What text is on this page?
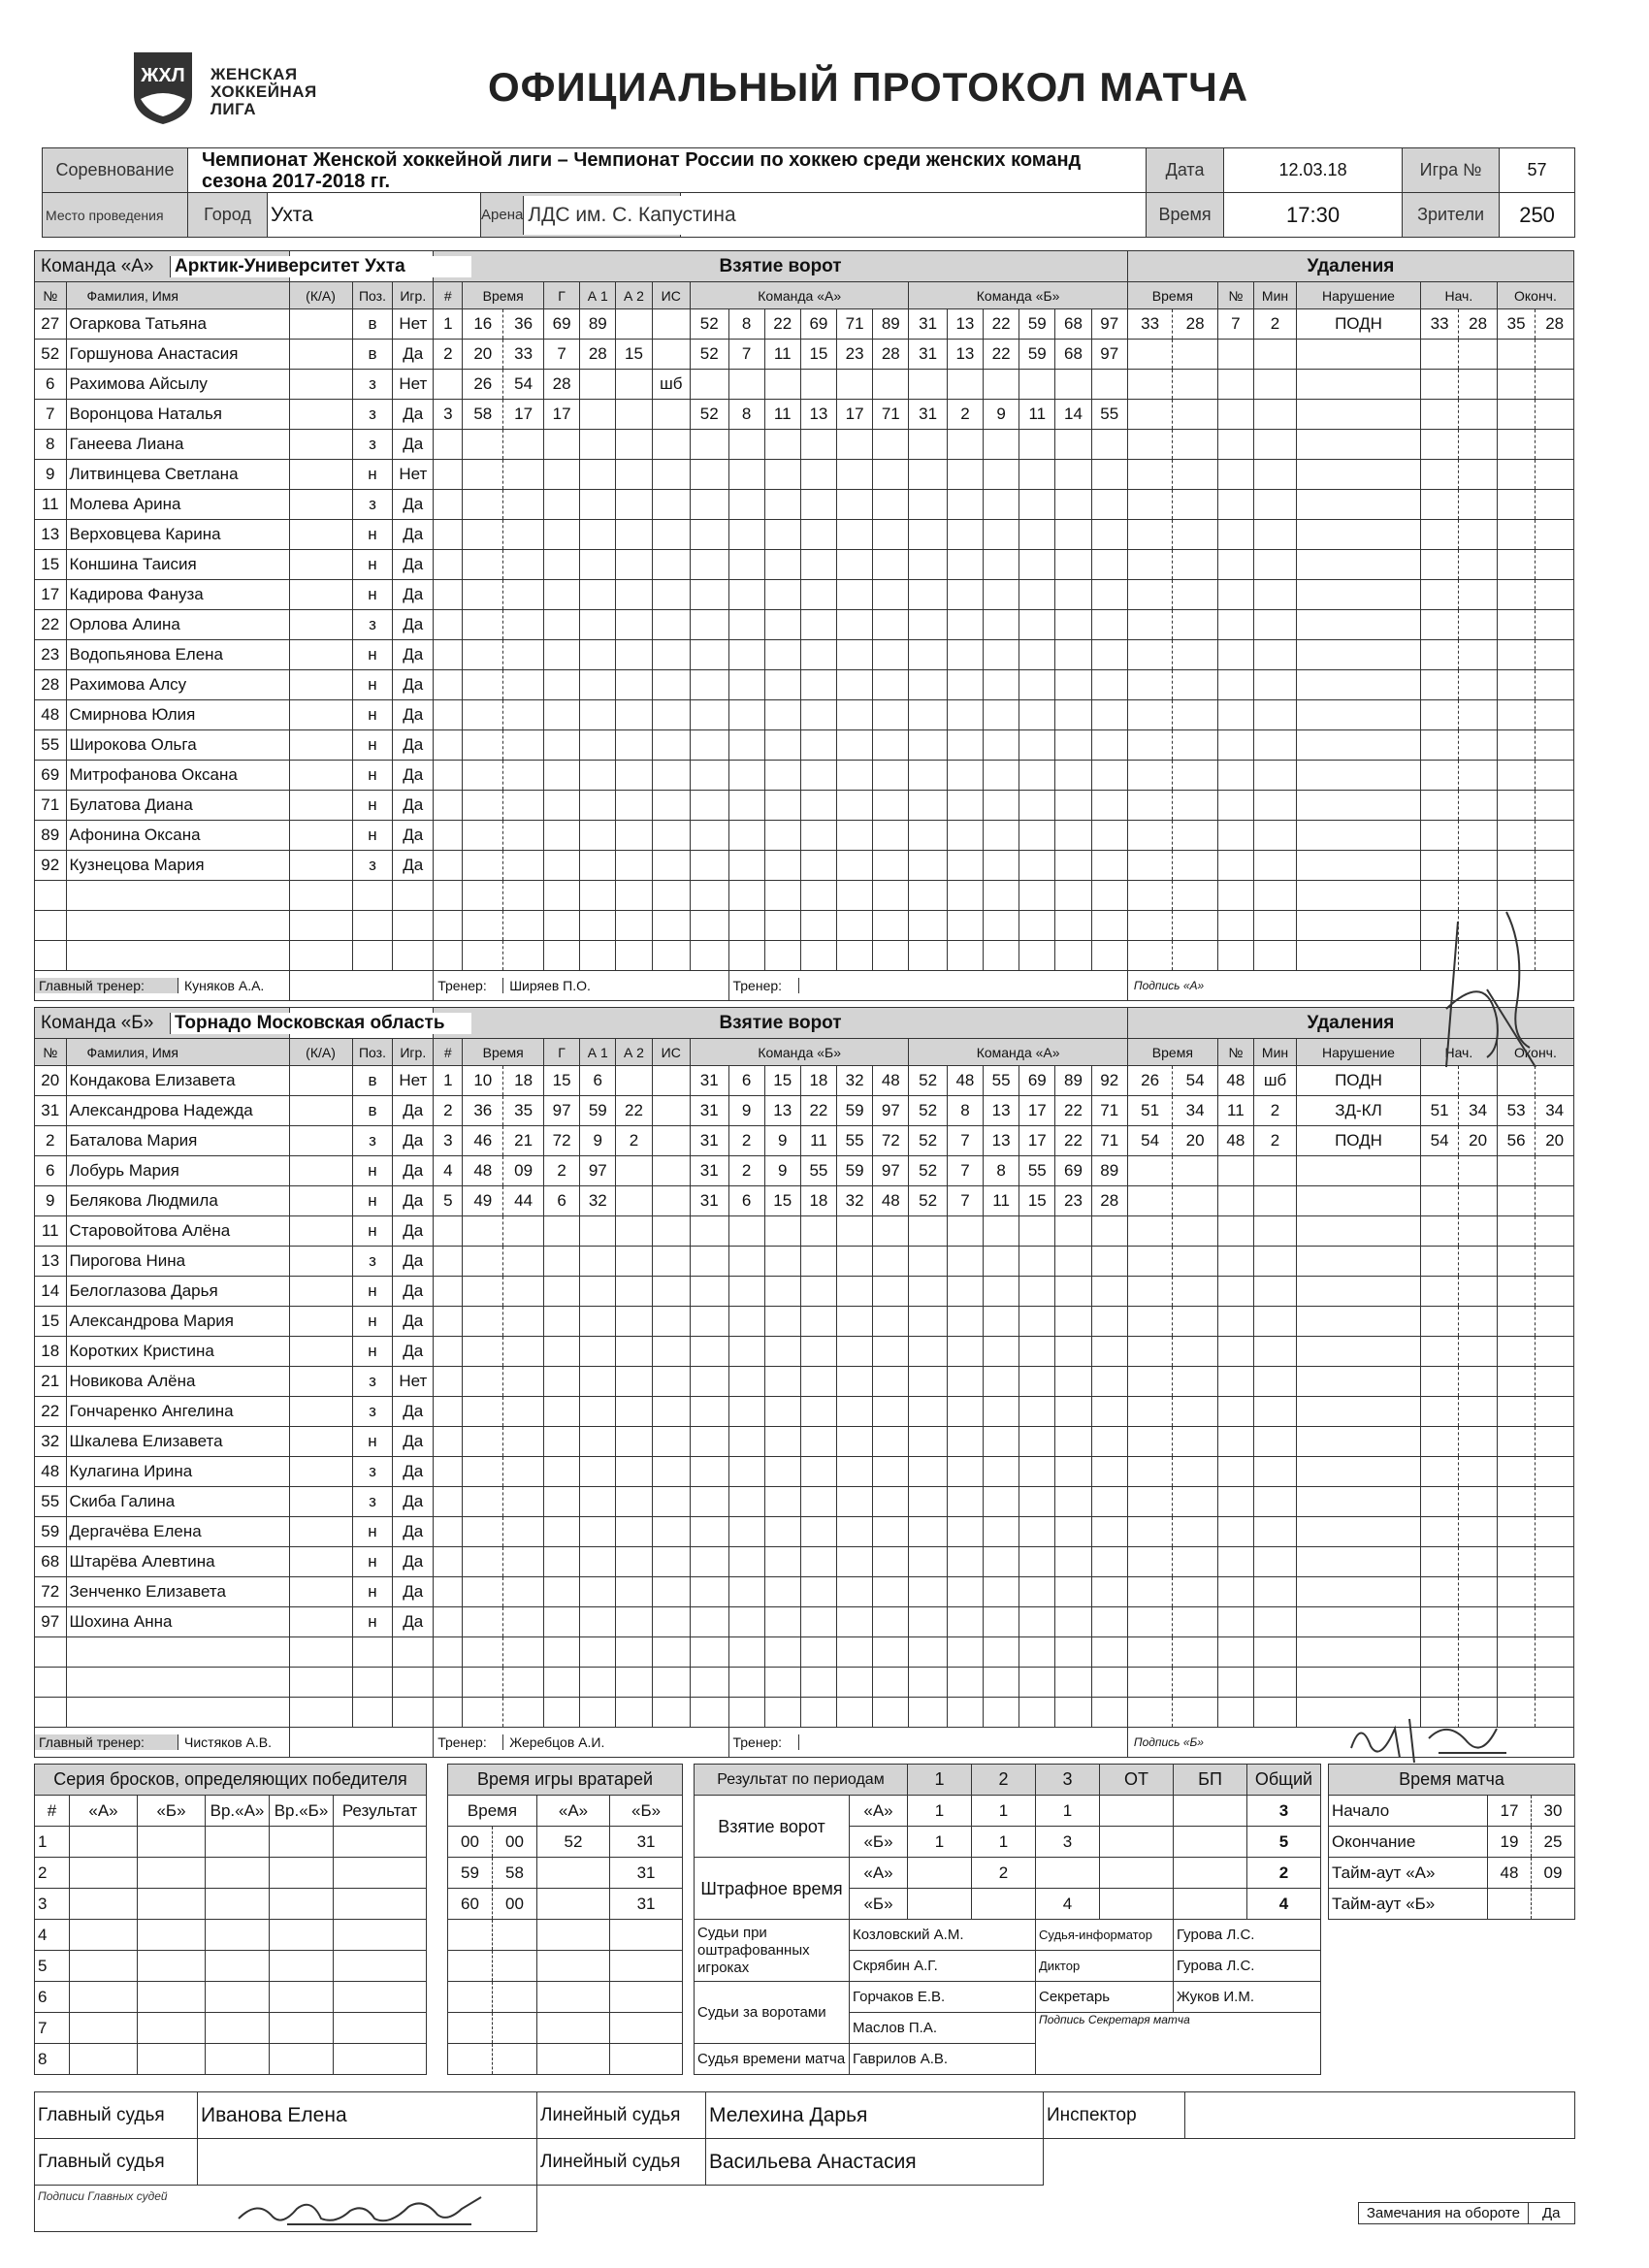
ЖХЛ ЖЕНСКАЯ
ХОККЕЙНАЯ
ЛИГА	ОФИЦИАЛЬНЫЙ ПРОТОКОЛ МАТЧА
Соревнование	Чемпионат Женской хоккейной лиги – Чемпионат России по хоккею среди женских команд сезона 2017-2018 гг.				Дата	12.03.18	Игра №	57
Место проведения	Город	Ухта	Арена ЛДС им. С. Капустина		Время	17:30	Зрители	250
Команда «А» Арктик-Университет Ухта					Взятие ворот																			Удаления								
№	Фамилия, Имя	(К/А)	Поз.	Игр.	#	Время		Г	А 1	А 2	ИС	Команда «А»						Команда «Б»						Время		№	Мин	Нарушение	Нач.		Оконч.	
27	Огаркова Татьяна		в	Нет	1	16	36	69	89			52	8	22	69	71	89	31	13	22	59	68	97	33	28	7	2	ПОДН	33	28	35	28
52	Горшунова Анастасия		в	Да	2	20	33	7	28	15		52	7	11	15	23	28	31	13	22	59	68	97									
6	Рахимова Айсылу		з	Нет		26	54	28			шб																					
7	Воронцова Наталья		з	Да	3	58	17	17				52	8	11	13	17	71	31	2	9	11	14	55									
8	Ганеева Лиана		з	Да																												
9	Литвинцева Светлана		н	Нет																												
11	Молева Арина		з	Да																												
13	Верховцева Карина		н	Да																												
15	Коншина Таисия		н	Да																												
17	Кадирова Фануза		н	Да																												
22	Орлова Алина		з	Да																												
23	Водопьянова Елена		н	Да																												
28	Рахимова Алсу		н	Да																												
48	Смирнова Юлия		н	Да																												
55	Широкова Ольга		н	Да																												
69	Митрофанова Оксана		н	Да																												
71	Булатова Диана		н	Да																												
89	Афонина Оксана		н	Да																												
92	Кузнецова Мария		з	Да																												

Главный тренер: Куняков А.А.					Тренер: Ширяев П.О.								Тренер:											Подпись «А»								
Команда «Б» Торнадо Московская область					Взятие ворот																			Удаления								
№	Фамилия, Имя	(К/А)	Поз.	Игр.	#	Время		Г	А 1	А 2	ИС	Команда «Б»						Команда «А»						Время		№	Мин	Нарушение	Нач.		Оконч.	
20	Кондакова Елизавета		в	Нет	1	10	18	15	6			31	6	15	18	32	48	52	48	55	69	89	92	26	54	48	шб	ПОДН				
31	Александрова Надежда		в	Да	2	36	35	97	59	22		31	9	13	22	59	97	52	8	13	17	22	71	51	34	11	2	ЗД-КЛ	51	34	53	34
2	Баталова Мария		з	Да	3	46	21	72	9	2		31	2	9	11	55	72	52	7	13	17	22	71	54	20	48	2	ПОДН	54	20	56	20
6	Лобурь Мария		н	Да	4	48	09	2	97			31	2	9	55	59	97	52	7	8	55	69	89									
9	Белякова Людмила		н	Да	5	49	44	6	32			31	6	15	18	32	48	52	7	11	15	23	28									
11	Старовойтова Алёна		н	Да																												
13	Пирогова Нина		з	Да																												
14	Белоглазова Дарья		н	Да																												
15	Александрова Мария		н	Да																												
18	Коротких Кристина		н	Да																												
21	Новикова Алёна		з	Нет																												
22	Гончаренко Ангелина		з	Да																												
32	Шкалева Елизавета		н	Да																												
48	Кулагина Ирина		з	Да																												
55	Скиба Галина		з	Да																												
59	Дергачёва Елена		н	Да																												
68	Штарёва Алевтина		н	Да																												
72	Зенченко Елизавета		н	Да																												
97	Шохина Анна		н	Да																												

Главный тренер: Чистяков А.В.					Тренер: Жеребцов А.И.								Тренер:											Подпись «Б»								
Серия бросков, определяющих победителя					
#	«А»	«Б»	Вр.«А»	Вр.«Б»	Результат
1					
2					
3					
4					
5					
6					
7					
8					
Время игры вратарей			
Время		«А»	«Б»
00	00	52	31
59	58		31
60	00		31

Результат по периодам		1	2	3	ОТ	БП	Общий
Взятие ворот	«А»	1	1	1			3
	«Б»	1	1	3			5
Штрафное время	«А»		2				2
	«Б»			4			4
Судьи при оштрафованных игроках	Козловский А.М.			Судья-информатор		Гурова Л.С.	
	Скрябин А.Г.			Диктор		Гурова Л.С.	
Судьи за воротами	Горчаков Е.В.			Секретарь		Жуков И.М.	
	Маслов П.А.			Подпись Секретаря матча			
Судья времени матча	Гаврилов А.В.						
Время матча		
Начало	17	30
Окончание	19	25
Тайм-аут «А»	48	09
Тайм-аут «Б»		
Главный судья	Иванова Елена	Линейный судья	Мелехина Дарья	Инспектор	
Главный судья		Линейный судья	Васильева Анастасия		
Подписи Главных судей		Замечания на обороте Да			
